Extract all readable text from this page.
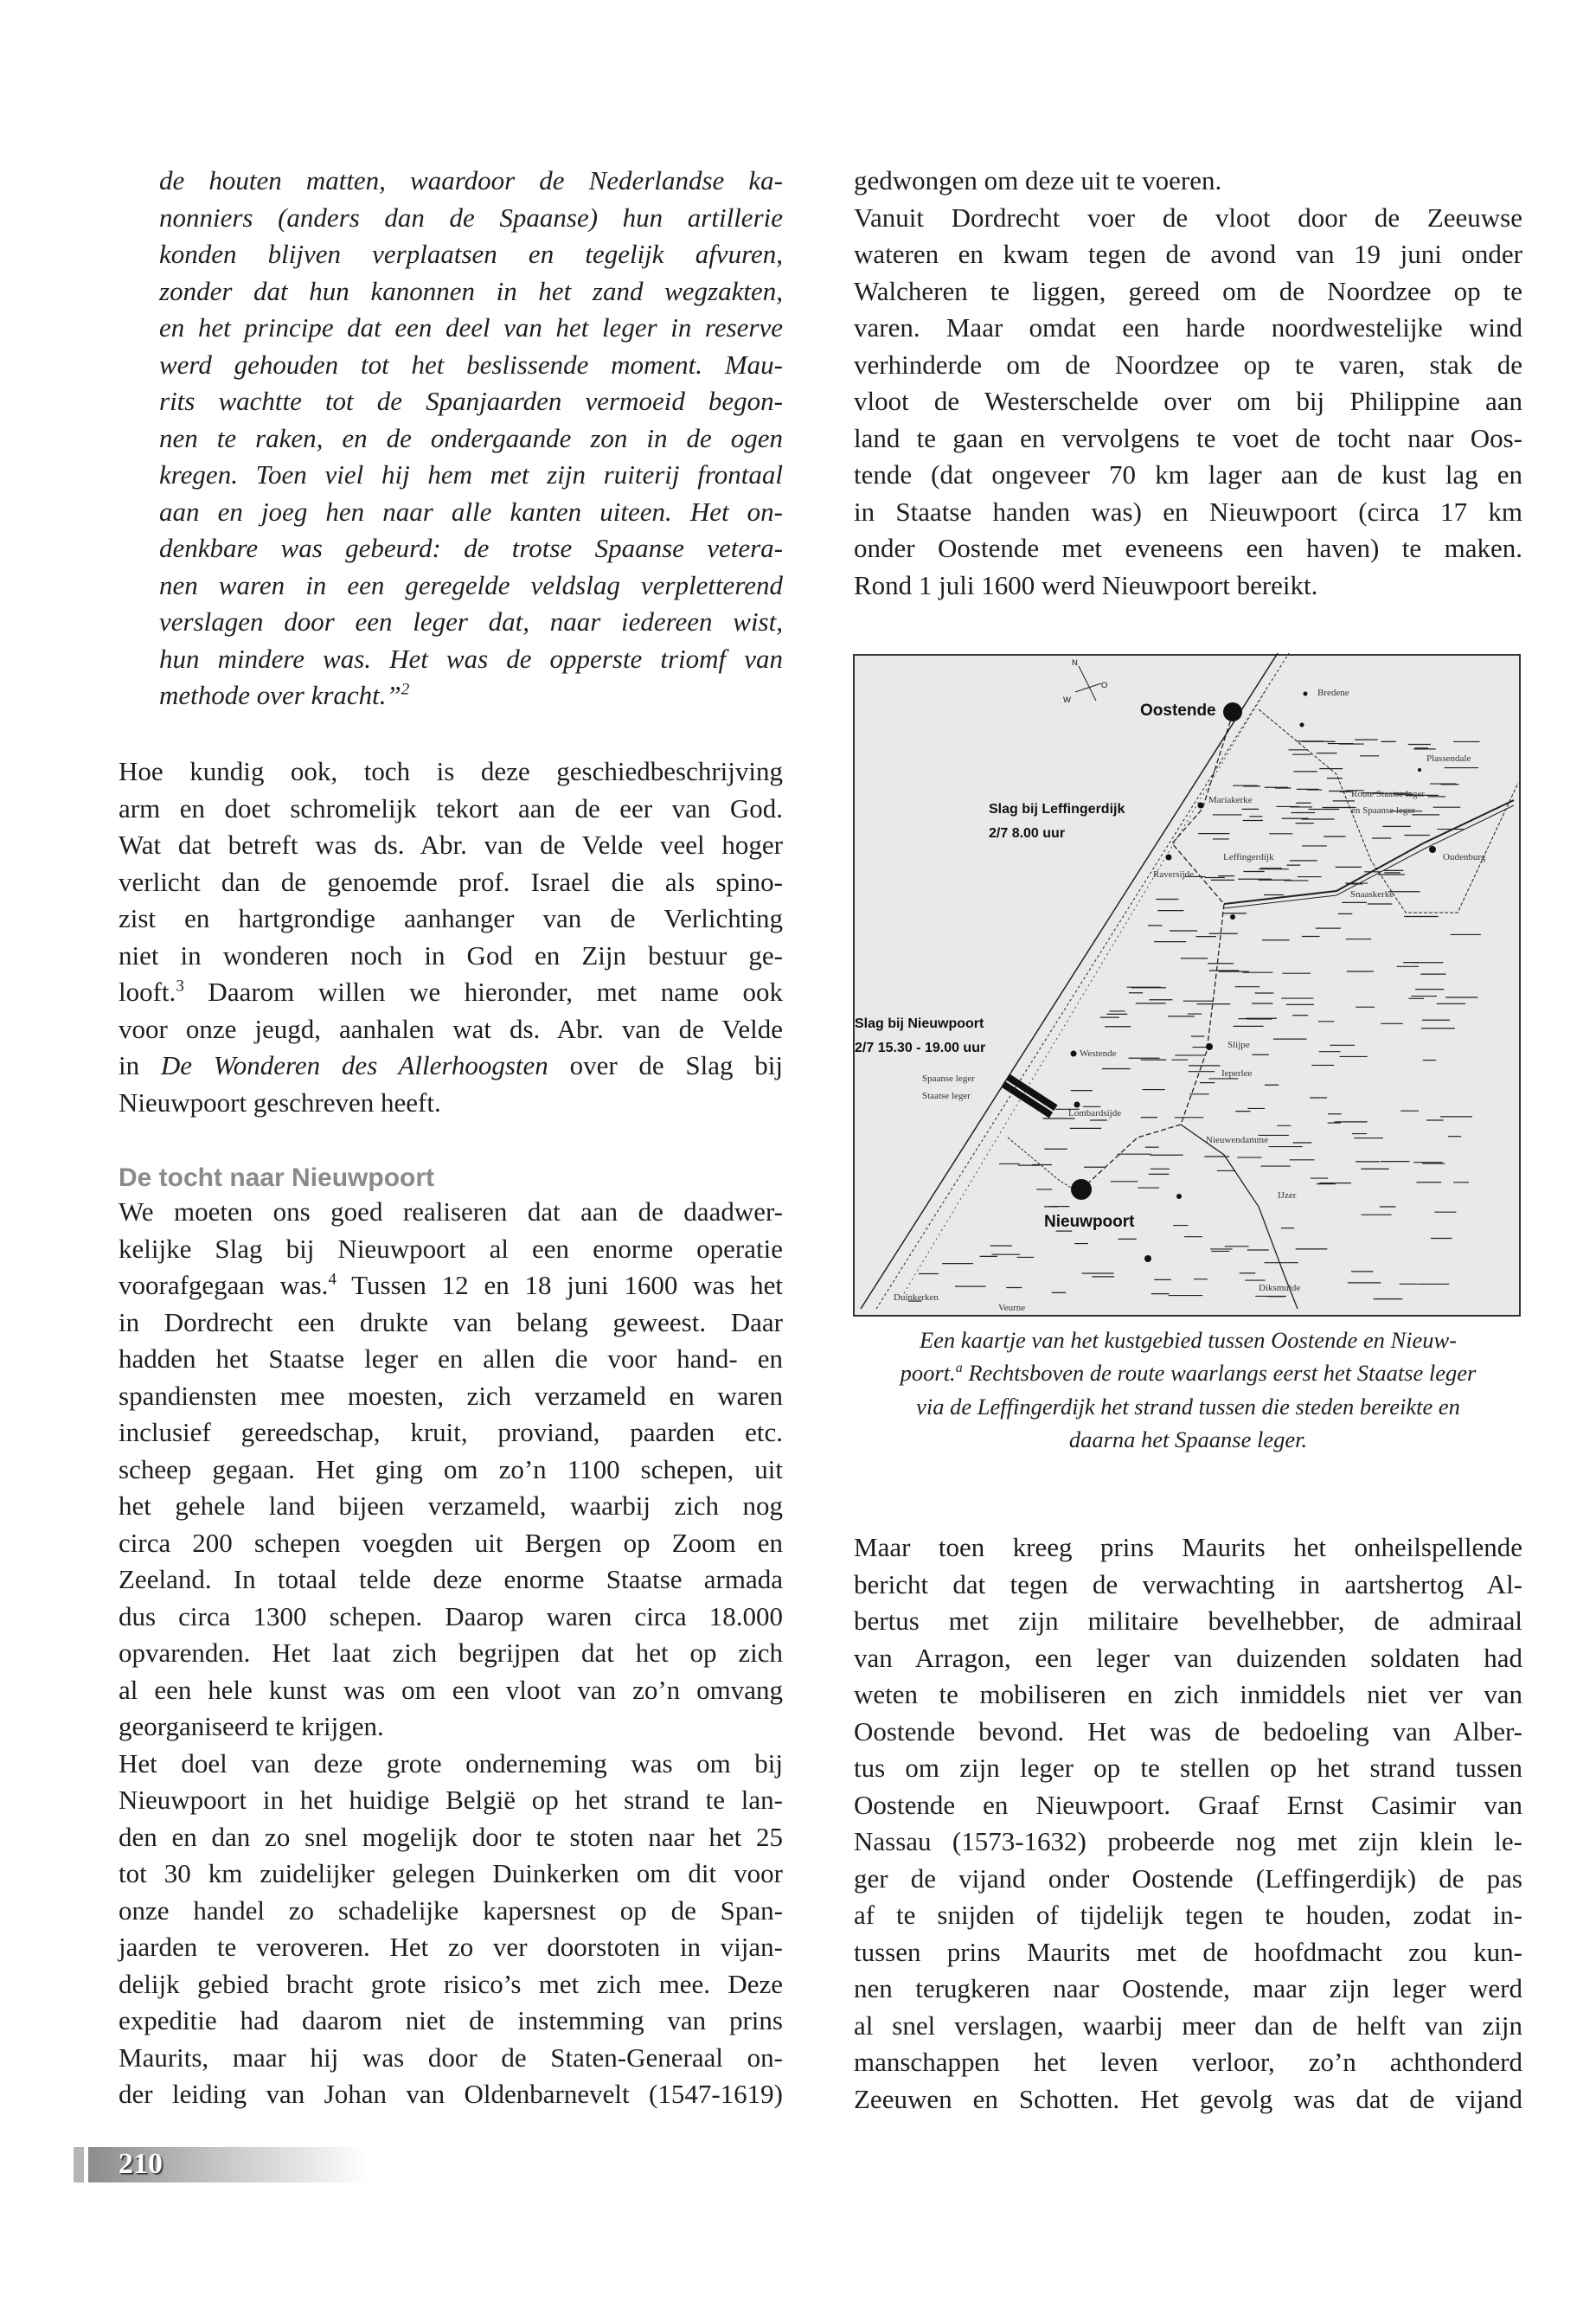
de houten matten, waardoor de Nederlandse ka-
nonniers (anders dan de Spaanse) hun artillerie
konden blijven verplaatsen en tegelijk afvuren,
zonder dat hun kanonnen in het zand wegzakten,
en het principe dat een deel van het leger in reserve
werd gehouden tot het beslissende moment. Mau-
rits wachtte tot de Spanjaarden vermoeid begon-
nen te raken, en de ondergaande zon in de ogen
kregen. Toen viel hij hem met zijn ruiterij frontaal
aan en joeg hen naar alle kanten uiteen. Het on-
denkbare was gebeurd: de trotse Spaanse vetera-
nen waren in een geregelde veldslag verpletterend
verslagen door een leger dat, naar iedereen wist,
hun mindere was. Het was de opperste triomf van
methode over kracht.”$^2$
Hoe kundig ook, toch is deze geschiedbeschrijving
arm en doet schromelijk tekort aan de eer van God.
Wat dat betreft was ds. Abr. van de Velde veel hoger
verlicht dan de genoemde prof. Israel die als spino-
zist en hartgrondige aanhanger van de Verlichting
niet in wonderen noch in God en Zijn bestuur ge-
looft.$^3$ Daarom willen we hieronder, met name ook
voor onze jeugd, aanhalen wat ds. Abr. van de Velde
in De Wonderen des Allerhoogsten over de Slag bij
Nieuwpoort geschreven heeft.
De tocht naar Nieuwpoort
We moeten ons goed realiseren dat aan de daadwer-
kelijke Slag bij Nieuwpoort al een enorme operatie
voorafgegaan was.$^4$ Tussen 12 en 18 juni 1600 was het
in Dordrecht een drukte van belang geweest. Daar
hadden het Staatse leger en allen die voor hand- en
spandiensten mee moesten, zich verzameld en waren
inclusief gereedschap, kruit, proviand, paarden etc.
scheep gegaan. Het ging om zo’n 1100 schepen, uit
het gehele land bijeen verzameld, waarbij zich nog
circa 200 schepen voegden uit Bergen op Zoom en
Zeeland. In totaal telde deze enorme Staatse armada
dus circa 1300 schepen. Daarop waren circa 18.000
opvarenden. Het laat zich begrijpen dat het op zich
al een hele kunst was om een vloot van zo’n omvang
georganiseerd te krijgen.
Het doel van deze grote onderneming was om bij
Nieuwpoort in het huidige België op het strand te lan-
den en dan zo snel mogelijk door te stoten naar het 25
tot 30 km zuidelijker gelegen Duinkerken om dit voor
onze handel zo schadelijke kapersnest op de Span-
jaarden te veroveren. Het zo ver doorstoten in vijan-
delijk gebied bracht grote risico’s met zich mee. Deze
expeditie had daarom niet de instemming van prins
Maurits, maar hij was door de Staten-Generaal on-
der leiding van Johan van Oldenbarnevelt (1547-1619)
gedwongen om deze uit te voeren.
Vanuit Dordrecht voer de vloot door de Zeeuwse
wateren en kwam tegen de avond van 19 juni onder
Walcheren te liggen, gereed om de Noordzee op te
varen. Maar omdat een harde noordwestelijke wind
verhinderde om de Noordzee op te varen, stak de
vloot de Westerschelde over om bij Philippine aan
land te gaan en vervolgens te voet de tocht naar Oos-
tende (dat ongeveer 70 km lager aan de kust lag en
in Staatse handen was) en Nieuwpoort (circa 17 km
onder Oostende met eveneens een haven) te maken.
Rond 1 juli 1600 werd Nieuwpoort bereikt.
N
O
W
Oostende
Nieuwpoort
Slag bij Leffingerdijk
2/7 8.00 uur
Slag bij Nieuwpoort
2/7 15.30 - 19.00 uur
Spaanse leger
Staatse leger
Route Staatse leger
en Spaanse leger
Bredene
Plassendale
Oudenburg
Mariakerke
Leffingerdijk
Raversijde
Snaaskerke
Slijpe
Ieperlee
Westende
Lombardsijde
Nieuwendamme
IJzer
Diksmuide
Duinkerken
Veurne
Een kaartje van het kustgebied tussen Oostende en Nieuw-
poort.$^a$ Rechtsboven de route waarlangs eerst het Staatse leger
via de Leffingerdijk het strand tussen die steden bereikte en
daarna het Spaanse leger.
Maar toen kreeg prins Maurits het onheilspellende
bericht dat tegen de verwachting in aartshertog Al-
bertus met zijn militaire bevelhebber, de admiraal
van Arragon, een leger van duizenden soldaten had
weten te mobiliseren en zich inmiddels niet ver van
Oostende bevond. Het was de bedoeling van Alber-
tus om zijn leger op te stellen op het strand tussen
Oostende en Nieuwpoort. Graaf Ernst Casimir van
Nassau (1573-1632) probeerde nog met zijn klein le-
ger de vijand onder Oostende (Leffingerdijk) de pas
af te snijden of tijdelijk tegen te houden, zodat in-
tussen prins Maurits met de hoofdmacht zou kun-
nen terugkeren naar Oostende, maar zijn leger werd
al snel verslagen, waarbij meer dan de helft van zijn
manschappen het leven verloor, zo’n achthonderd
Zeeuwen en Schotten. Het gevolg was dat de vijand
210
